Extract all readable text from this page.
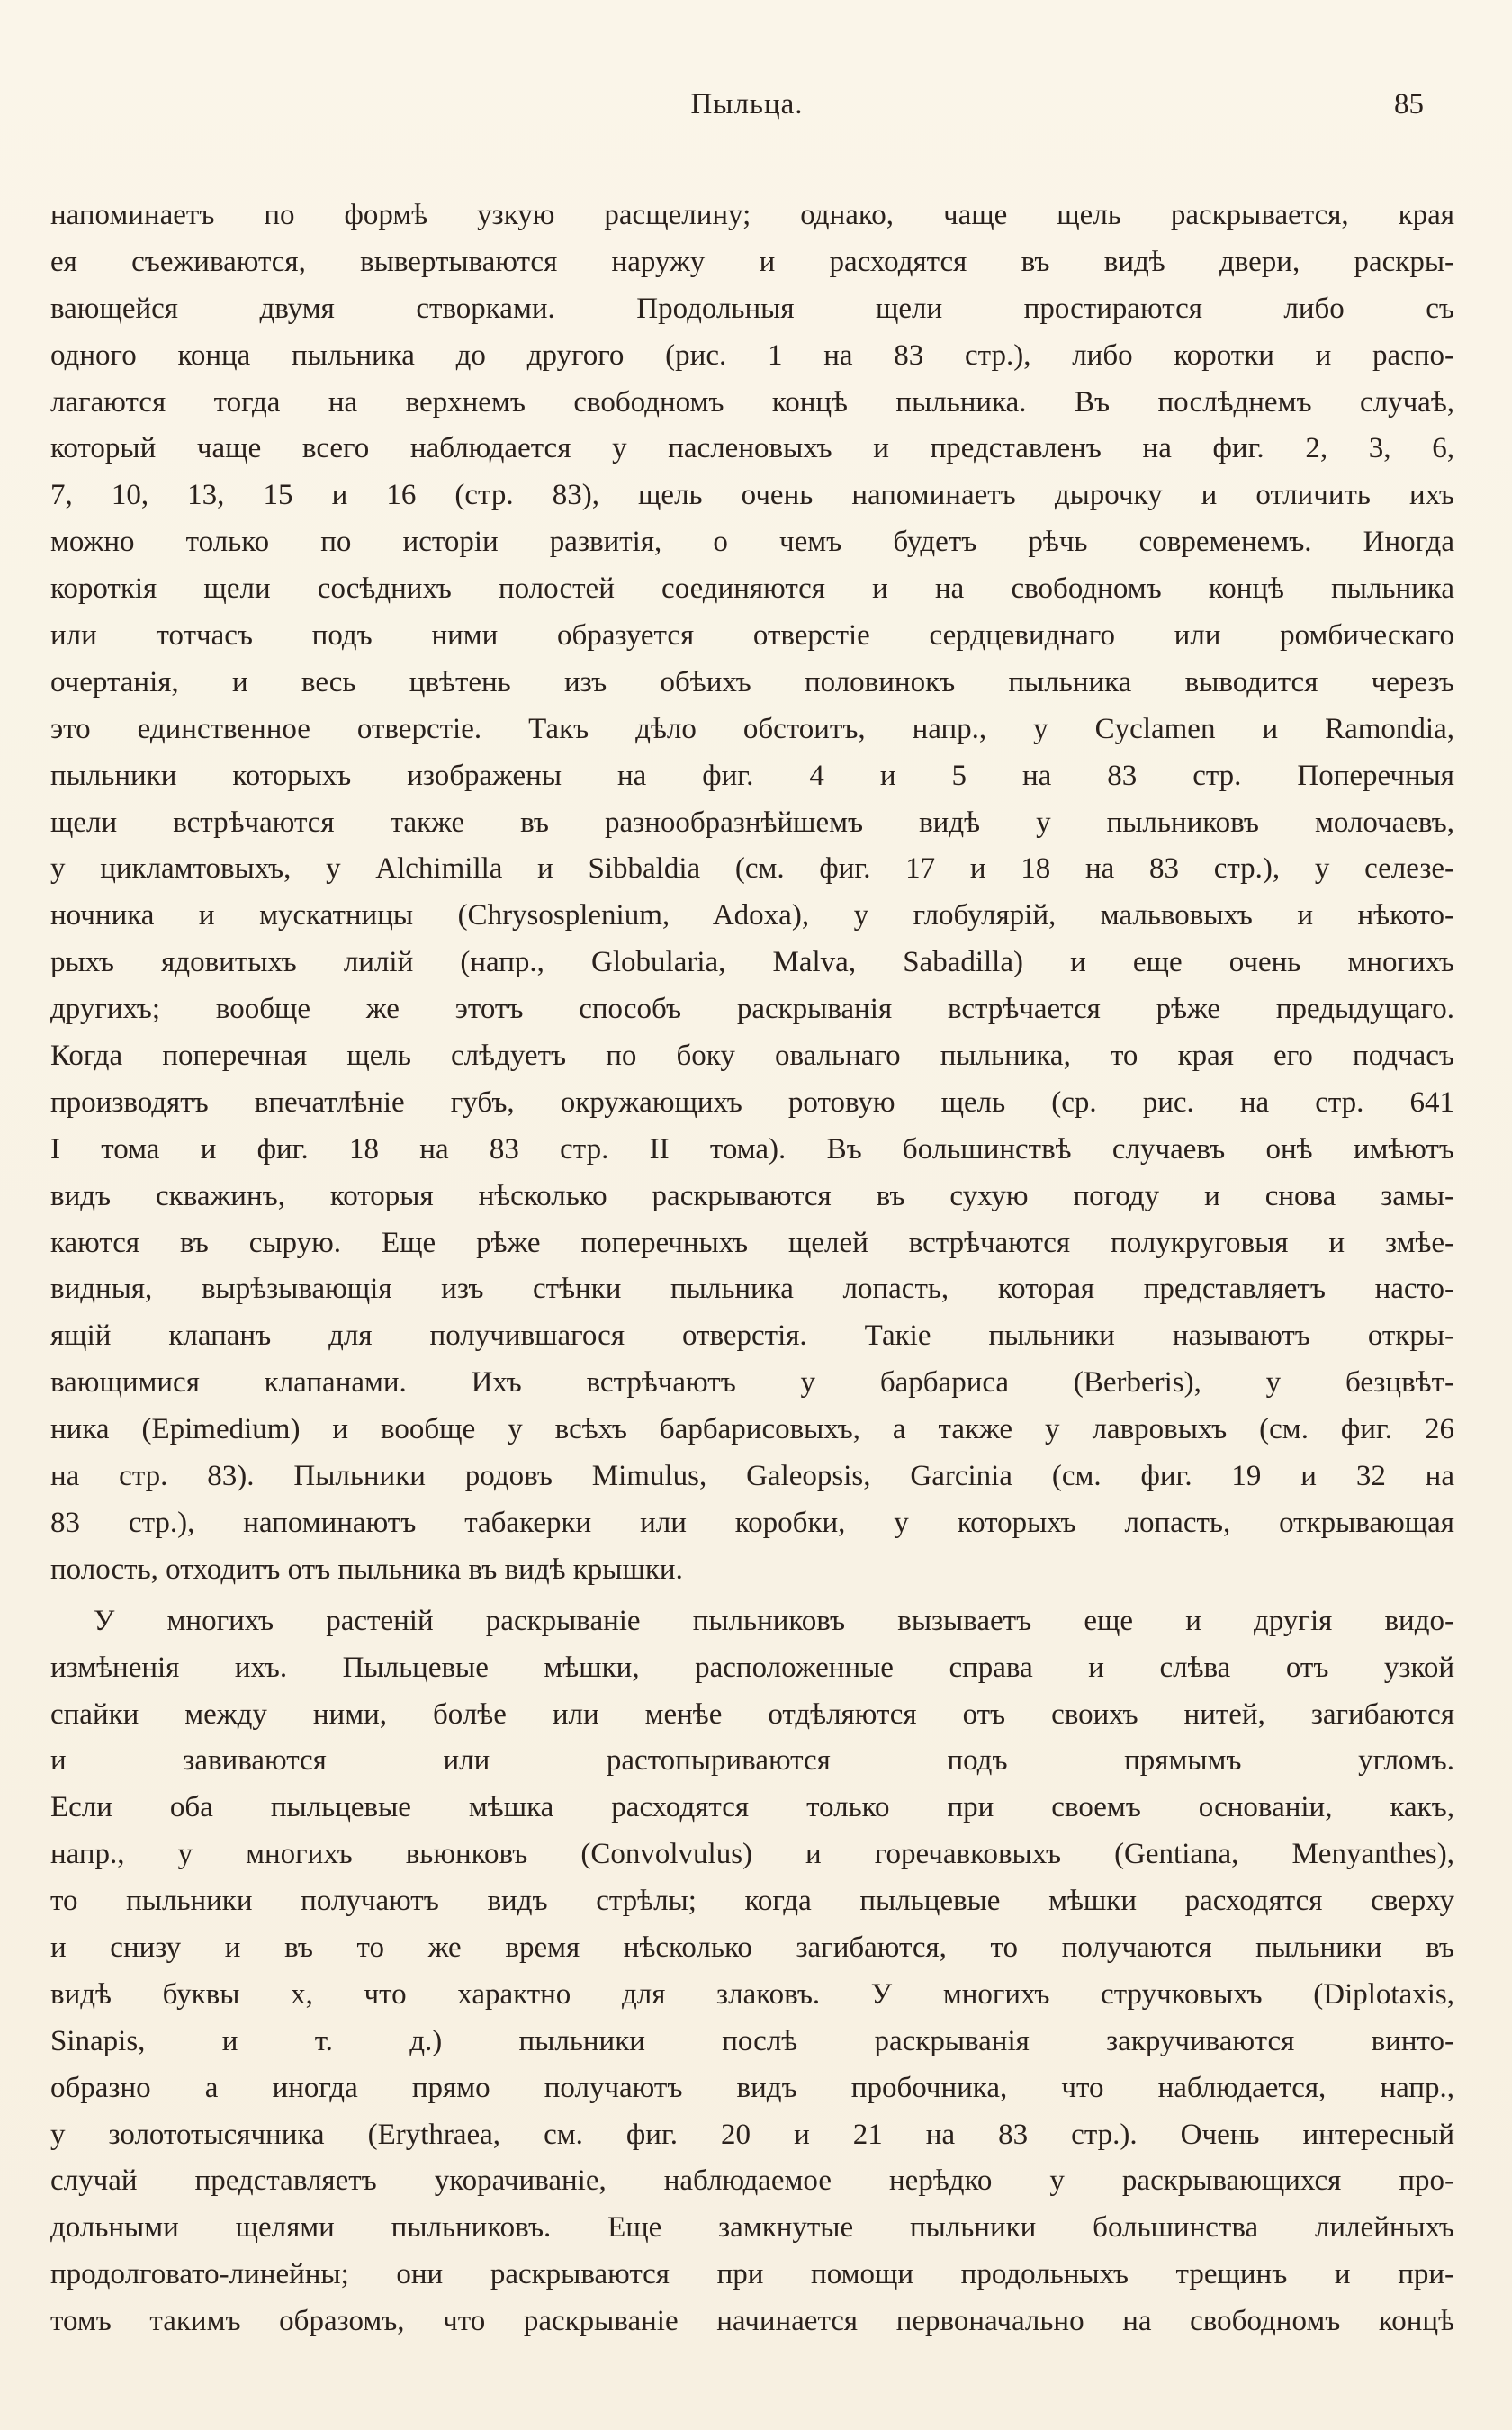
Пыльца.	85
напоминаетъ по формѣ узкую расщелину; однако, чаще щель раскрывается, края
ея съеживаются, вывертываются наружу и расходятся въ видѣ двери, раскры-
вающейся двумя створками. Продольныя щели простираются либо съ
одного конца пыльника до другого (рис. 1 на 83 стр.), либо коротки и распо-
лагаются тогда на верхнемъ свободномъ концѣ пыльника. Въ послѣднемъ случаѣ,
который чаще всего наблюдается у пасленовыхъ и представленъ на фиг. 2, 3, 6,
7, 10, 13, 15 и 16 (стр. 83), щель очень напоминаетъ дырочку и отличить ихъ
можно только по исторіи развитія, о чемъ будетъ рѣчь современемъ. Иногда
короткія щели сосѣднихъ полостей соединяются и на свободномъ концѣ пыльника
или тотчасъ подъ ними образуется отверстіе сердцевиднаго или ромбическаго
очертанія, и весь цвѣтень изъ обѣихъ половинокъ пыльника выводится черезъ
это единственное отверстіе. Такъ дѣло обстоитъ, напр., у Cyclamen и Ramondia,
пыльники которыхъ изображены на фиг. 4 и 5 на 83 стр. Поперечныя
щели встрѣчаются также въ разнообразнѣйшемъ видѣ у пыльниковъ молочаевъ,
у цикламтовыхъ, у Alchimilla и Sibbaldia (см. фиг. 17 и 18 на 83 стр.), у селезе-
ночника и мускатницы (Chrysosplenium, Adoxa), у глобулярій, мальвовыхъ и нѣкото-
рыхъ ядовитыхъ лилій (напр., Globularia, Malva, Sabadilla) и еще очень многихъ
другихъ; вообще же этотъ способъ раскрыванія встрѣчается рѣже предыдущаго.
Когда поперечная щель слѣдуетъ по боку овальнаго пыльника, то края его подчасъ
производятъ впечатлѣніе губъ, окружающихъ ротовую щель (ср. рис. на стр. 641
I тома и фиг. 18 на 83 стр. II тома). Въ большинствѣ случаевъ онѣ имѣютъ
видъ скважинъ, которыя нѣсколько раскрываются въ сухую погоду и снова замы-
каются въ сырую. Еще рѣже поперечныхъ щелей встрѣчаются полукруговыя и змѣе-
видныя, вырѣзывающія изъ стѣнки пыльника лопасть, которая представляетъ насто-
ящій клапанъ для получившагося отверстія. Такіе пыльники называютъ откры-
вающимися клапанами. Ихъ встрѣчаютъ у барбариса (Berberis), у безцвѣт-
ника (Epimedium) и вообще у всѣхъ барбарисовыхъ, а также у лавровыхъ (см. фиг. 26
на стр. 83). Пыльники родовъ Mimulus, Galeopsis, Garcinia (см. фиг. 19 и 32 на
83 стр.), напоминаютъ табакерки или коробки, у которыхъ лопасть, открывающая
полость, отходитъ отъ пыльника въ видѣ крышки.
У многихъ растеній раскрываніе пыльниковъ вызываетъ еще и другія видо-
измѣненія ихъ. Пыльцевые мѣшки, расположенные справа и слѣва отъ узкой
спайки между ними, болѣе или менѣе отдѣляются отъ своихъ нитей, загибаются
и завиваются или растопыриваются подъ прямымъ угломъ.
Если оба пыльцевые мѣшка расходятся только при своемъ основаніи, какъ,
напр., у многихъ вьюнковъ (Convolvulus) и горечавковыхъ (Gentiana, Menyanthes),
то пыльники получаютъ видъ стрѣлы; когда пыльцевые мѣшки расходятся сверху
и снизу и въ то же время нѣсколько загибаются, то получаются пыльники въ
видѣ буквы x, что характно для злаковъ. У многихъ стручковыхъ (Diplotaxis,
Sinapis, и т. д.) пыльники послѣ раскрыванія закручиваются винто-
образно а иногда прямо получаютъ видъ пробочника, что наблюдается, напр.,
у золототысячника (Erythraea, см. фиг. 20 и 21 на 83 стр.). Очень интересный
случай представляетъ укорачиваніе, наблюдаемое нерѣдко у раскрывающихся про-
дольными щелями пыльниковъ. Еще замкнутые пыльники большинства лилейныхъ
продолговато-линейны; они раскрываются при помощи продольныхъ трещинъ и при-
томъ такимъ образомъ, что раскрываніе начинается первоначально на свободномъ концѣ
